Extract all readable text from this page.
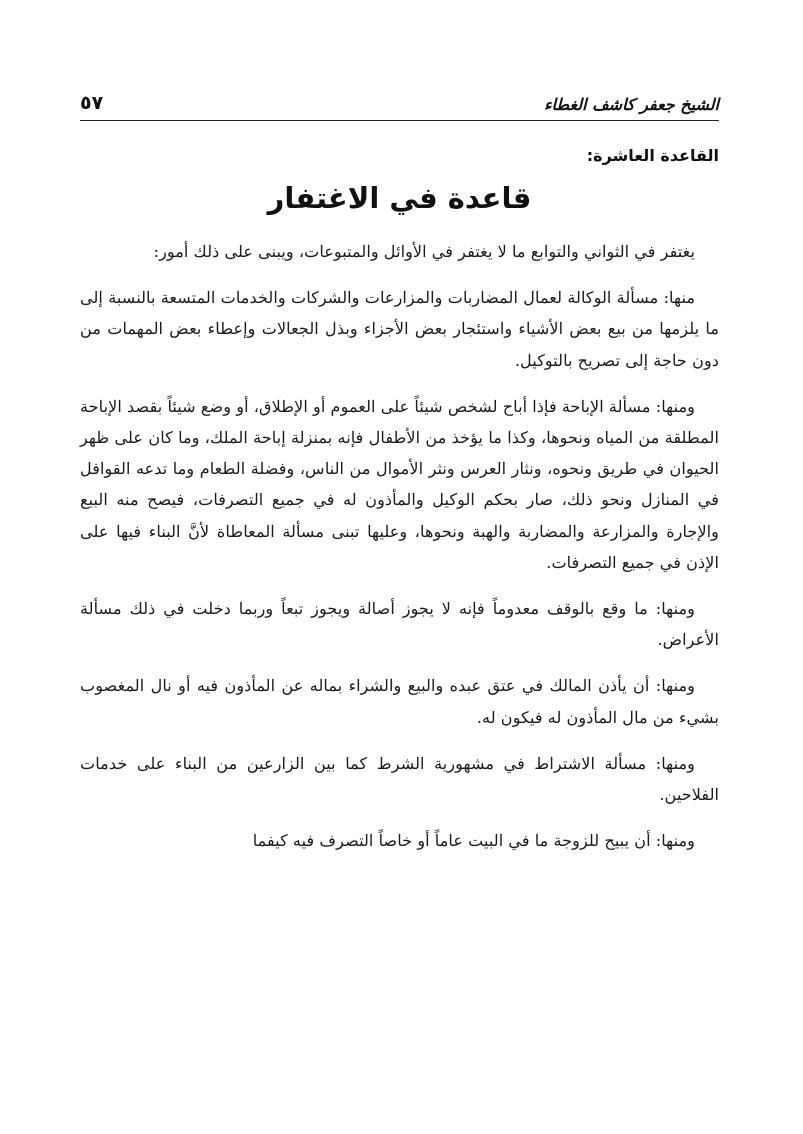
الشيخ جعفر كاشف الغطاء
٥٧
القاعدة العاشرة:
قاعدة في الاغتفار

يغتفر في الثواني والتوابع ما لا يغتفر في الأوائل والمتبوعات، ويبنى على ذلك أمور:

منها: مسألة الوكالة لعمال المضاربات والمزارعات والشركات والخدمات المتسعة بالنسبة إلى ما يلزمها من بيع بعض الأشياء واستئجار بعض الأجزاء وبذل الجعالات وإعطاء بعض المهمات من دون حاجة إلى تصريح بالتوكيل.

ومنها: مسألة الإباحة فإذا أباح لشخص شيئاً على العموم أو الإطلاق، أو وضع شيئاً بقصد الإباحة المطلقة من المياه ونحوها، وكذا ما يؤخذ من الأطفال فإنه بمنزلة إباحة الملك، وما كان على ظهر الحيوان في طريق ونحوه، ونثار العرس ونثر الأموال من الناس، وفضلة الطعام وما تدعه القوافل في المنازل ونحو ذلك، صار بحكم الوكيل والمأذون له في جميع التصرفات، فيصح منه البيع والإجارة والمزارعة والمضاربة والهبة ونحوها، وعليها تبنى مسألة المعاطاة لأنَّ البناء فيها على الإذن في جميع التصرفات.

ومنها: ما وقع بالوقف معدوماً فإنه لا يجوز أصالة ويجوز تبعاً وربما دخلت في ذلك مسألة الأعراض.

ومنها: أن يأذن المالك في عتق عبده والبيع والشراء بماله عن المأذون فيه أو نال المغصوب بشيء من مال المأذون له فيكون له.

ومنها: مسألة الاشتراط في مشهورية الشرط كما بين الزارعين من البناء على خدمات الفلاحين.

ومنها: أن يبيح للزوجة ما في البيت عاماً أو خاصاً التصرف فيه كيفما
